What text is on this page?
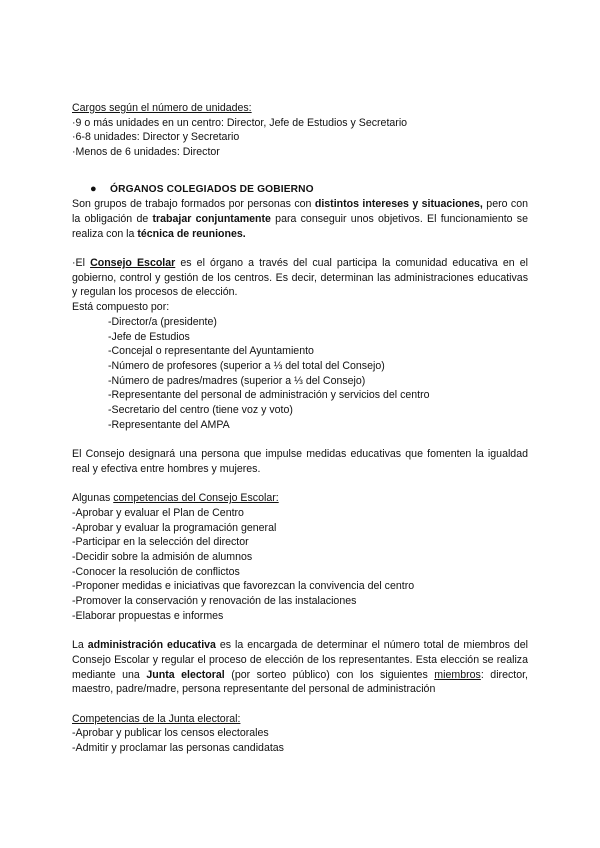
Cargos según el número de unidades:

·9 o más unidades en un centro: Director, Jefe de Estudios y Secretario

·6-8 unidades: Director y Secretario

·Menos de 6 unidades: Director

● ÓRGANOS COLEGIADOS DE GOBIERNO

Son grupos de trabajo formados por personas con distintos intereses y situaciones, pero con la obligación de trabajar conjuntamente para conseguir unos objetivos. El funcionamiento se realiza con la técnica de reuniones.

·El Consejo Escolar es el órgano a través del cual participa la comunidad educativa en el gobierno, control y gestión de los centros. Es decir, determinan las administraciones educativas y regulan los procesos de elección.

Está compuesto por:

-Director/a (presidente)

-Jefe de Estudios

-Concejal o representante del Ayuntamiento

-Número de profesores (superior a ⅓ del total del Consejo)

-Número de padres/madres (superior a ⅓ del Consejo)

-Representante del personal de administración y servicios del centro

-Secretario del centro (tiene voz y voto)

-Representante del AMPA

El Consejo designará una persona que impulse medidas educativas que fomenten la igualdad real y efectiva entre hombres y mujeres.

Algunas competencias del Consejo Escolar:

-Aprobar y evaluar el Plan de Centro

-Aprobar y evaluar la programación general

-Participar en la selección del director

-Decidir sobre la admisión de alumnos

-Conocer la resolución de conflictos

-Proponer medidas e iniciativas que favorezcan la convivencia del centro

-Promover la conservación y renovación de las instalaciones

-Elaborar propuestas e informes

La administración educativa es la encargada de determinar el número total de miembros del Consejo Escolar y regular el proceso de elección de los representantes. Esta elección se realiza mediante una Junta electoral (por sorteo público) con los siguientes miembros: director, maestro, padre/madre, persona representante del personal de administración

Competencias de la Junta electoral:

-Aprobar y publicar los censos electorales

-Admitir y proclamar las personas candidatas
